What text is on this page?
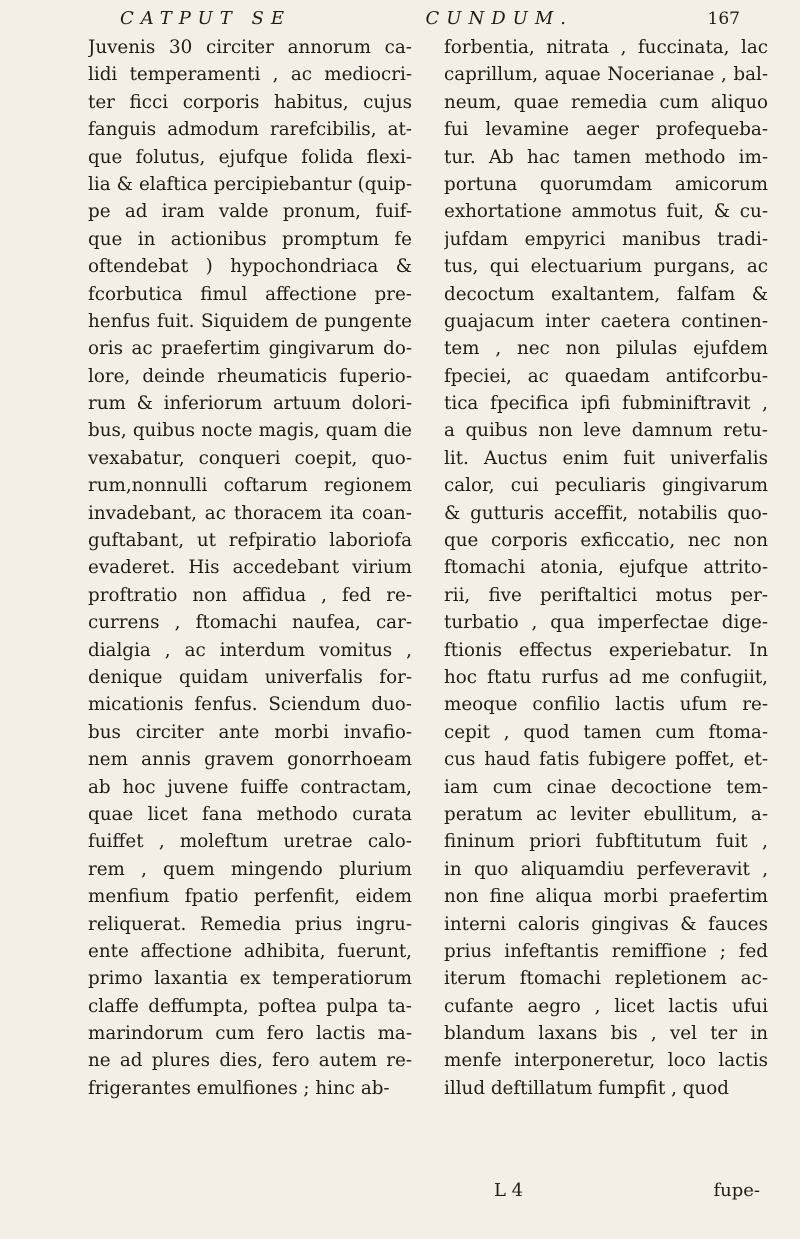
CATPUT SE	CUNDUM.	167
Juvenis 30 circiter annorum ca-
lidi temperamenti , ac mediocri-
ter ficci corporis habitus, cujus
fanguis admodum rarefcibilis, at-
que folutus, ejufque folida flexi-
lia & elaftica percipiebantur (quip-
pe ad iram valde pronum, fuif-
que in actionibus promptum fe
oftendebat ) hypochondriaca &
fcorbutica fimul affectione pre-
henfus fuit. Siquidem de pungente
oris ac praefertim gingivarum do-
lore, deinde rheumaticis fuperio-
rum & inferiorum artuum dolori-
bus, quibus nocte magis, quam die
vexabatur, conqueri coepit, quo-
rum,nonnulli coftarum regionem
invadebant, ac thoracem ita coan-
guftabant, ut refpiratio laboriofa
evaderet. His accedebant virium
proftratio non affidua , fed re-
currens , ftomachi naufea, car-
dialgia , ac interdum vomitus ,
denique quidam univerfalis for-
micationis fenfus. Sciendum duo-
bus circiter ante morbi invafio-
nem annis gravem gonorrhoeam
ab hoc juvene fuiffe contractam,
quae licet fana methodo curata
fuiffet , moleftum uretrae calo-
rem , quem mingendo plurium
menfium fpatio perfenfit, eidem
reliquerat. Remedia prius ingru-
ente affectione adhibita, fuerunt,
primo laxantia ex temperatiorum
claffe deffumpta, poftea pulpa ta-
marindorum cum fero lactis ma-
ne ad plures dies, fero autem re-
frigerantes emulfiones ; hinc ab-
forbentia, nitrata , fuccinata, lac
caprillum, aquae Nocerianae , bal-
neum, quae remedia cum aliquo
fui levamine aeger profequeba-
tur. Ab hac tamen methodo im-
portuna quorumdam amicorum
exhortatione ammotus fuit, & cu-
jufdam empyrici manibus tradi-
tus, qui electuarium purgans, ac
decoctum exaltantem, falfam &
guajacum inter caetera continen-
tem , nec non pilulas ejufdem
fpeciei, ac quaedam antifcorbu-
tica fpecifica ipfi fubminiftravit ,
a quibus non leve damnum retu-
lit. Auctus enim fuit univerfalis
calor, cui peculiaris gingivarum
& gutturis acceffit, notabilis quo-
que corporis exficcatio, nec non
ftomachi atonia, ejufque attrito-
rii, five periftaltici motus per-
turbatio , qua imperfectae dige-
ftionis effectus experiebatur. In
hoc ftatu rurfus ad me confugiit,
meoque confilio lactis ufum re-
cepit , quod tamen cum ftoma-
cus haud fatis fubigere poffet, et-
iam cum cinae decoctione tem-
peratum ac leviter ebullitum, a-
fininum priori fubftitutum fuit ,
in quo aliquamdiu perfeveravit ,
non fine aliqua morbi praefertim
interni caloris gingivas & fauces
prius infeftantis remiffione ; fed
iterum ftomachi repletionem ac-
cufante aegro , licet lactis ufui
blandum laxans bis , vel ter in
menfe interponeretur, loco lactis
illud deftillatum fumpfit , quod
L 4	fupe-
